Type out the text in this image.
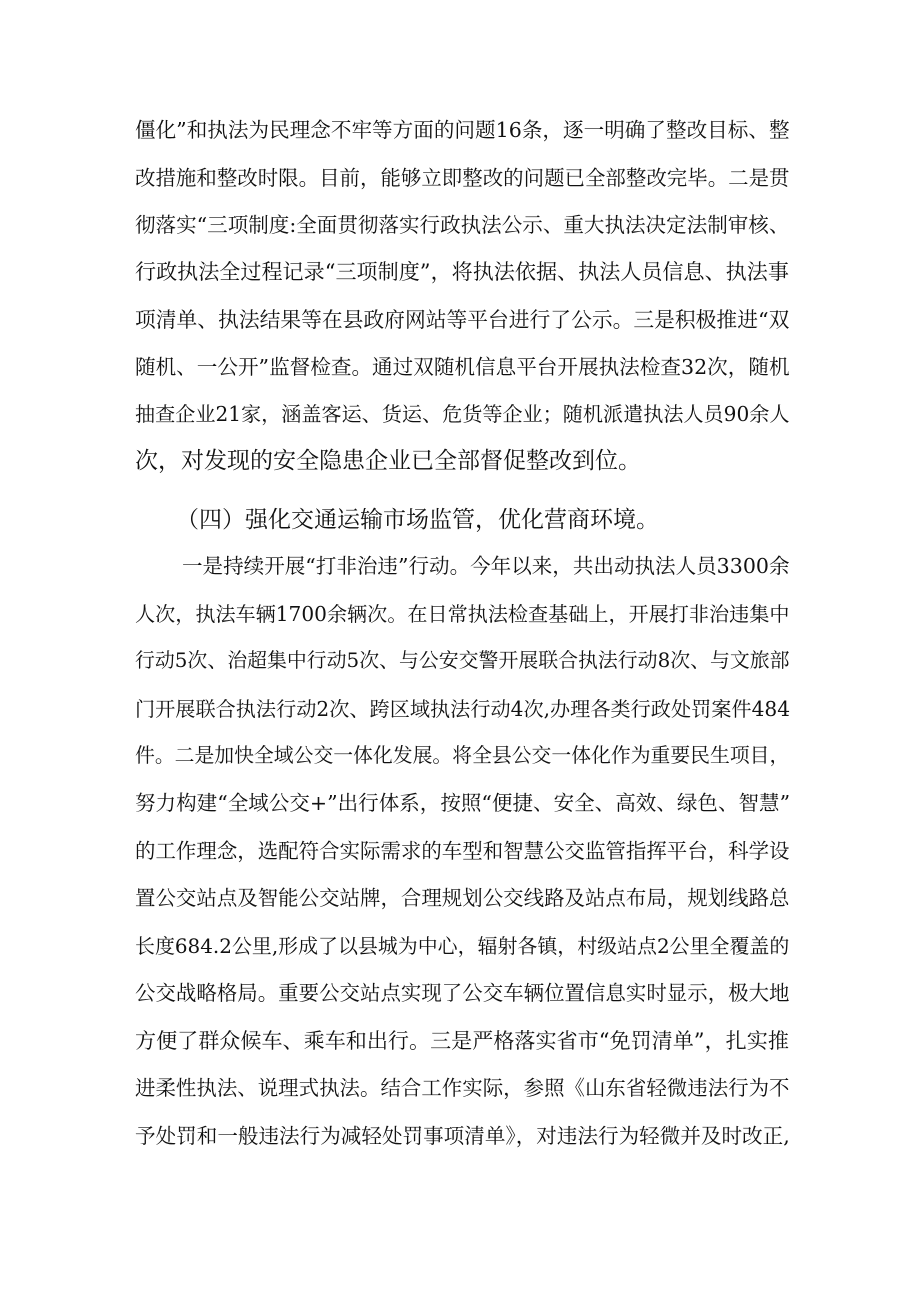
僵化”和执法为民理念不牢等方面的问题16条，逐一明确了整改目标、整

改措施和整改时限。目前，能够立即整改的问题已全部整改完毕。二是贯

彻落实“三项制度:全面贯彻落实行政执法公示、重大执法决定法制审核、

行政执法全过程记录“三项制度”，将执法依据、执法人员信息、执法事

项清单、执法结果等在县政府网站等平台进行了公示。三是积极推进“双

随机、一公开”监督检查。通过双随机信息平台开展执法检查32次，随机

抽查企业21家，涵盖客运、货运、危货等企业；随机派遣执法人员90余人

次，对发现的安全隐患企业已全部督促整改到位。

（四）强化交通运输市场监管，优化营商环境。

一是持续开展“打非治违”行动。今年以来，共出动执法人员3300余

人次，执法车辆1700余辆次。在日常执法检查基础上，开展打非治违集中

行动5次、治超集中行动5次、与公安交警开展联合执法行动8次、与文旅部

门开展联合执法行动2次、跨区域执法行动4次,办理各类行政处罚案件484

件。二是加快全域公交一体化发展。将全县公交一体化作为重要民生项目，

努力构建“全域公交+”出行体系，按照“便捷、安全、高效、绿色、智慧”

的工作理念，选配符合实际需求的车型和智慧公交监管指挥平台，科学设

置公交站点及智能公交站牌，合理规划公交线路及站点布局，规划线路总

长度684.2公里,形成了以县城为中心，辐射各镇，村级站点2公里全覆盖的

公交战略格局。重要公交站点实现了公交车辆位置信息实时显示，极大地

方便了群众候车、乘车和出行。三是严格落实省市“免罚清单”，扎实推

进柔性执法、说理式执法。结合工作实际，参照《山东省轻微违法行为不

予处罚和一般违法行为减轻处罚事项清单》，对违法行为轻微并及时改正,
